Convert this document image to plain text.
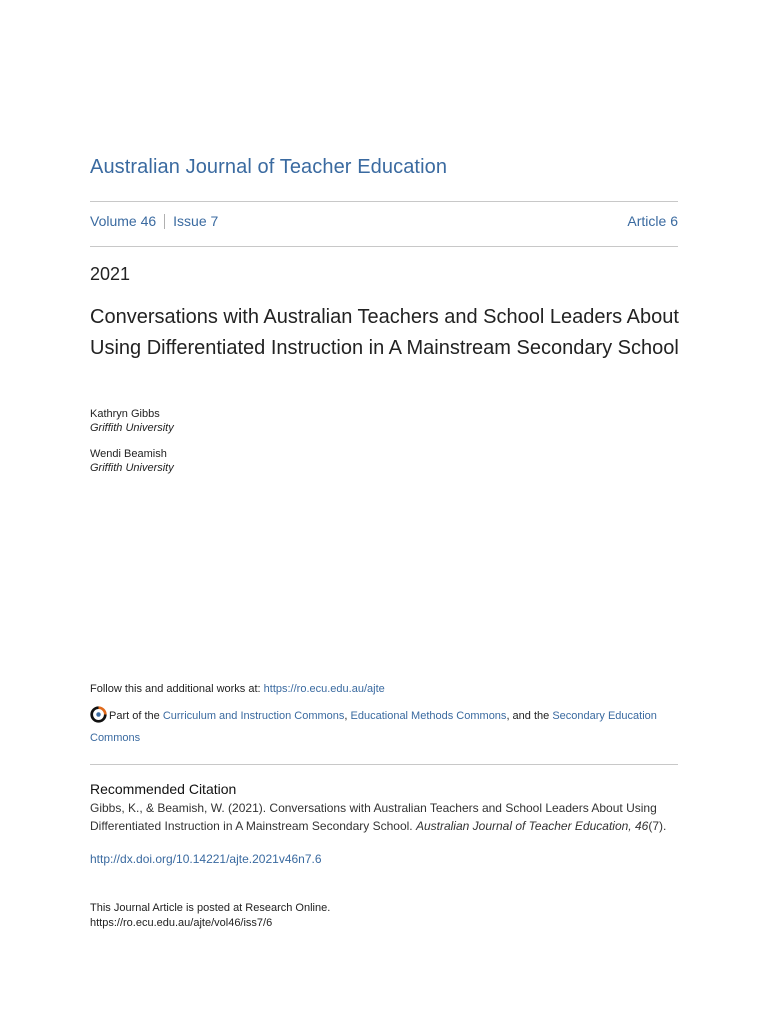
Australian Journal of Teacher Education
Volume 46 Issue 7	Article 6
2021
Conversations with Australian Teachers and School Leaders About Using Differentiated Instruction in A Mainstream Secondary School
Kathryn Gibbs
Griffith University
Wendi Beamish
Griffith University
Follow this and additional works at: https://ro.ecu.edu.au/ajte
Part of the Curriculum and Instruction Commons, Educational Methods Commons, and the Secondary Education Commons
Recommended Citation
Gibbs, K., & Beamish, W. (2021). Conversations with Australian Teachers and School Leaders About Using Differentiated Instruction in A Mainstream Secondary School. Australian Journal of Teacher Education, 46(7).
http://dx.doi.org/10.14221/ajte.2021v46n7.6
This Journal Article is posted at Research Online.
https://ro.ecu.edu.au/ajte/vol46/iss7/6
